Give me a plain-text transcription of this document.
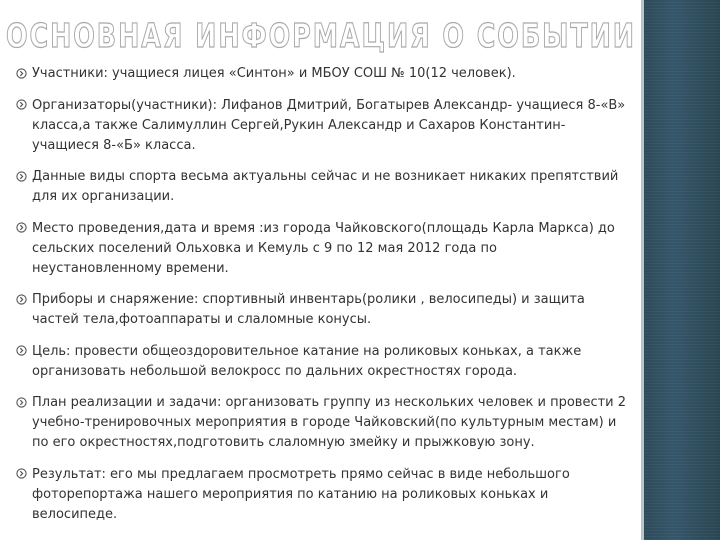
ОСНОВНАЯ ИНФОРМАЦИЯ О СОБЫТИИ
Участники: учащиеся лицея «Синтон» и МБОУ СОШ № 10(12 человек).
Организаторы(участники): Лифанов Дмитрий, Богатырев Александр- учащиеся 8-«В» класса,а также Салимуллин Сергей,Рукин Александр и Сахаров Константин- учащиеся 8-«Б» класса.
Данные виды спорта весьма актуальны сейчас и не возникает никаких препятствий для их организации.
Место проведения,дата и время :из города Чайковского(площадь Карла Маркса) до сельских поселений Ольховка и Кемуль с 9 по 12 мая 2012 года по неустановленному времени.
Приборы и снаряжение: спортивный инвентарь(ролики , велосипеды) и защита частей тела,фотоаппараты и слаломные конусы.
Цель: провести общеоздоровительное катание на роликовых коньках, а также организовать небольшой велокросс по дальних окрестностях города.
План реализации и задачи: организовать группу из нескольких человек и провести 2 учебно-тренировочных мероприятия в городе Чайковский(по культурным местам) и по его окрестностях,подготовить слаломную змейку и прыжковую зону.
Результат: его мы предлагаем просмотреть прямо сейчас в виде небольшого фоторепортажа нашего мероприятия по катанию на роликовых коньках и велосипеде.
